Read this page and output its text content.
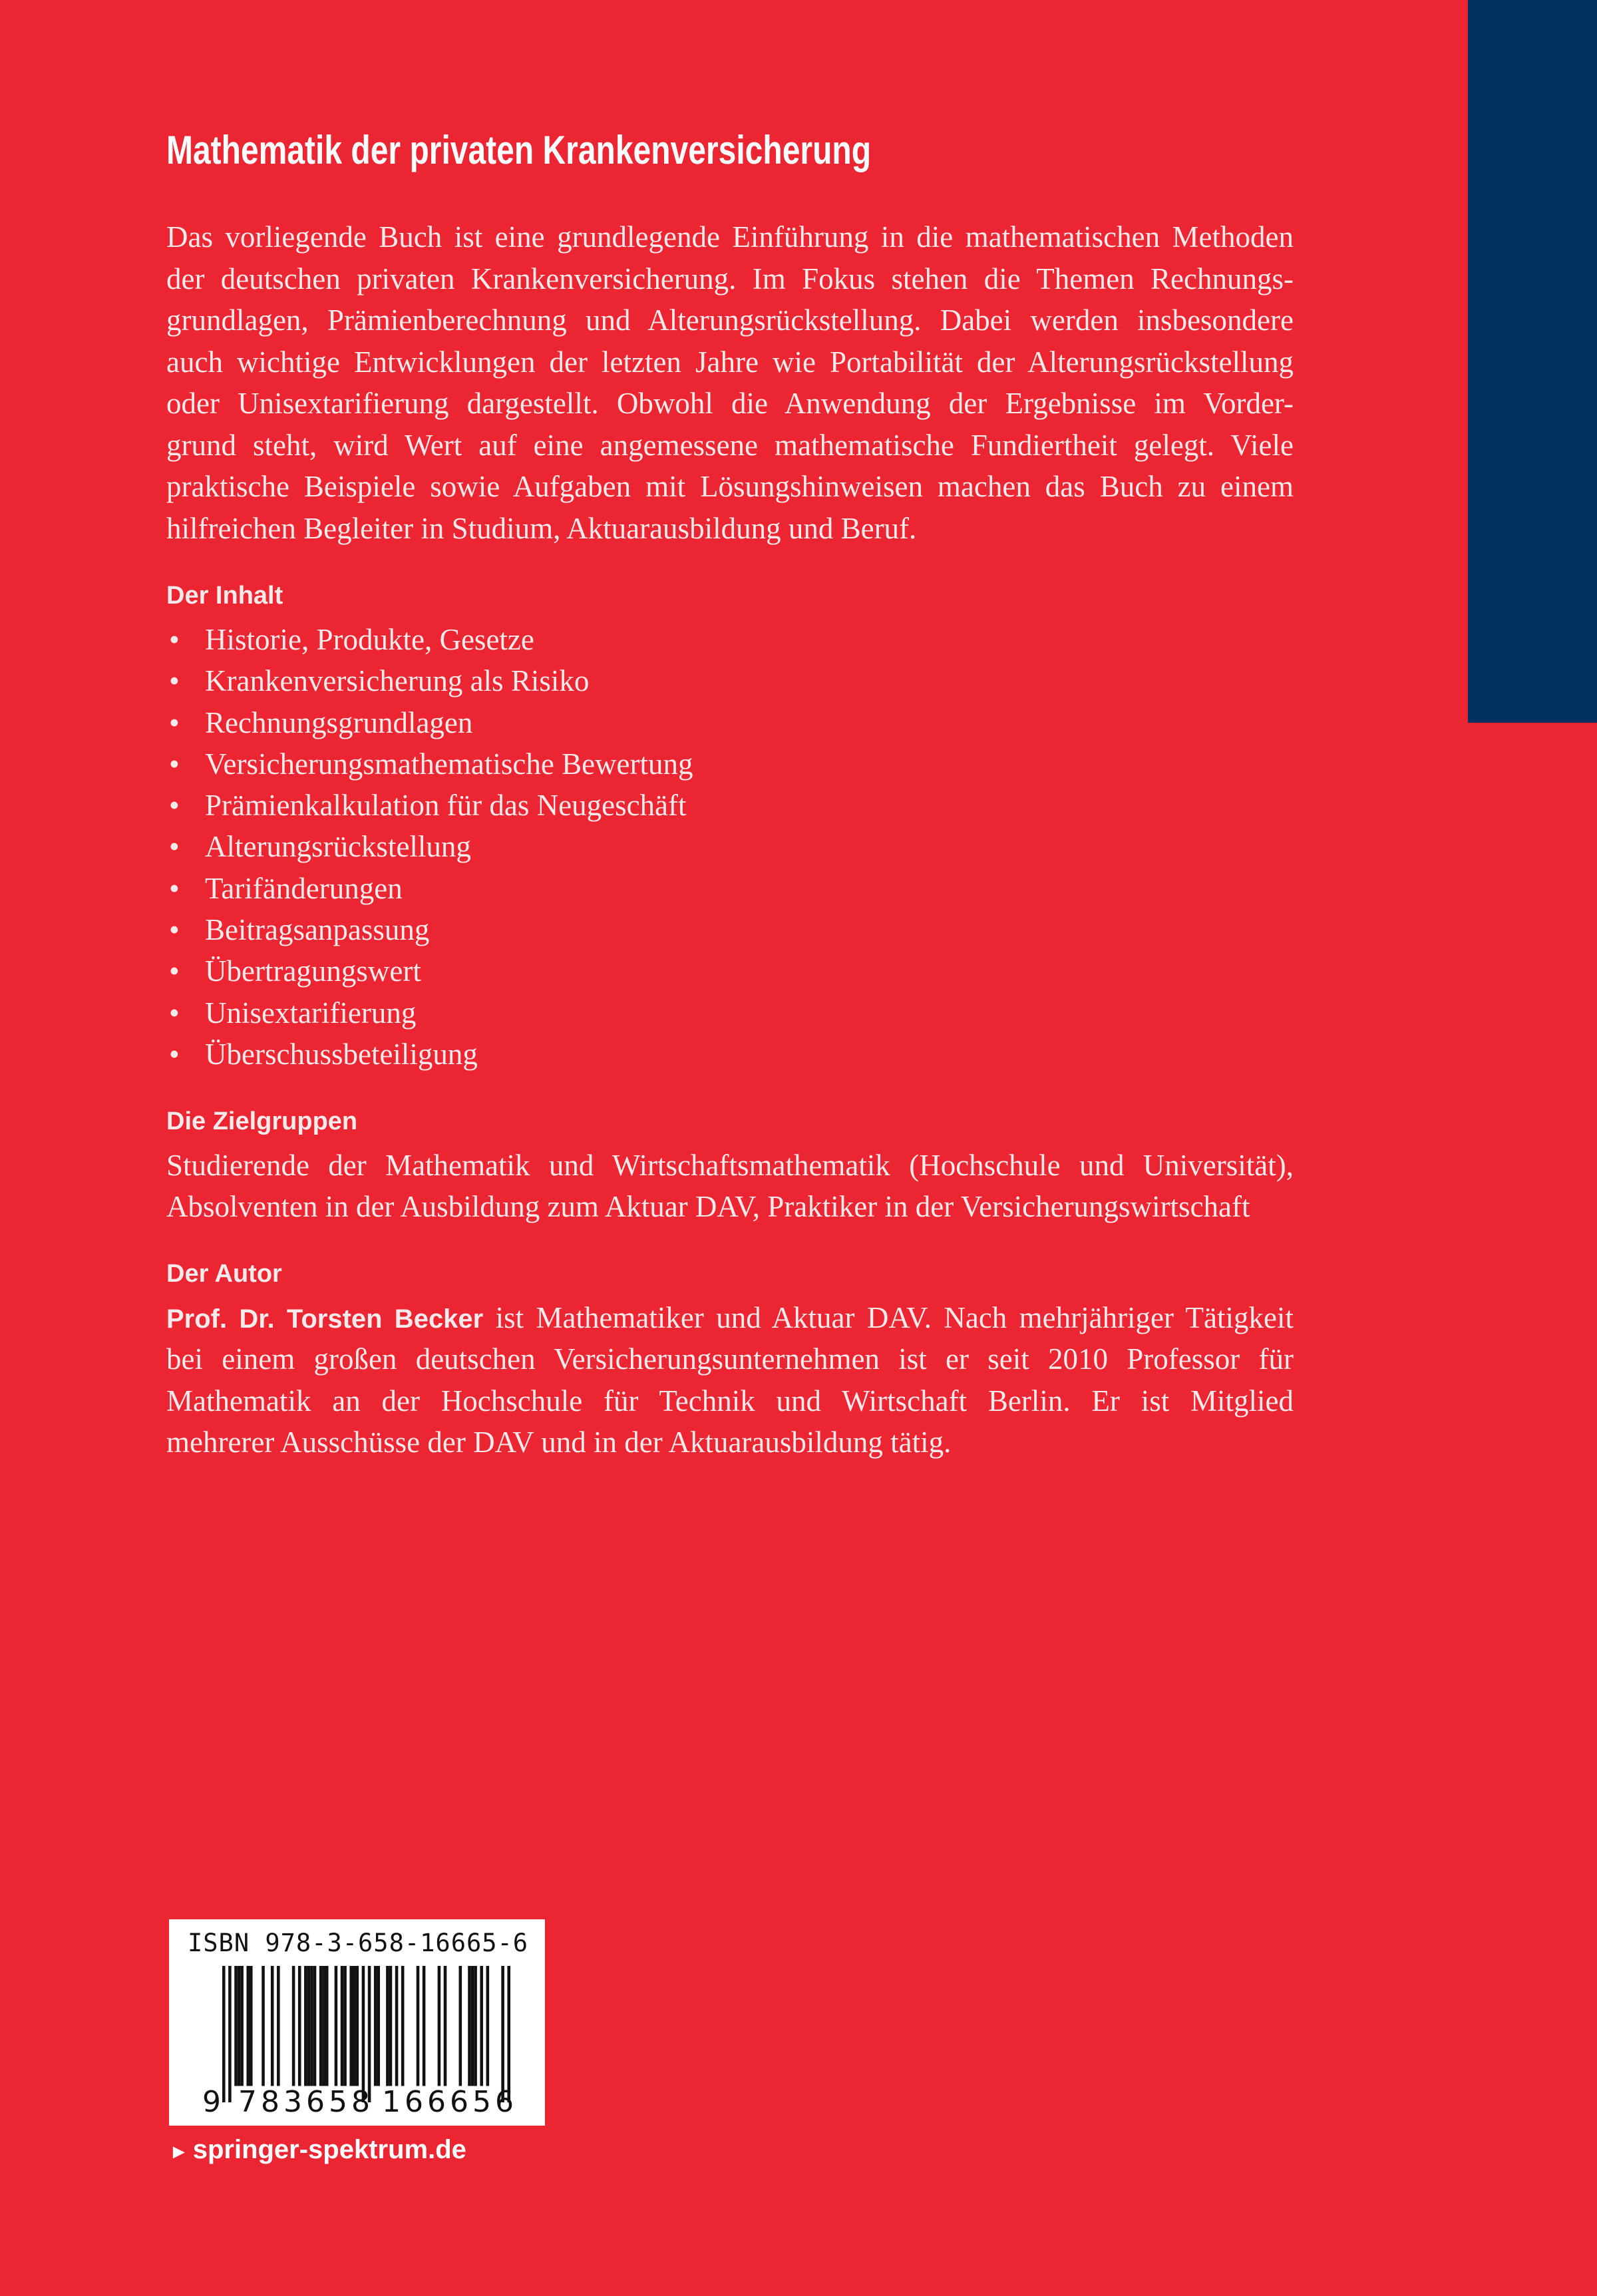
Mathematik der privaten Krankenversicherung
Das vorliegende Buch ist eine grundlegende Einführung in die mathematischen Methoden
der deutschen privaten Krankenversicherung. Im Fokus stehen die Themen Rechnungs-
grundlagen, Prämienberechnung und Alterungsrückstellung. Dabei werden insbesondere
auch wichtige Entwicklungen der letzten Jahre wie Portabilität der Alterungsrückstellung
oder Unisextarifierung dargestellt. Obwohl die Anwendung der Ergebnisse im Vorder-
grund steht, wird Wert auf eine angemessene mathematische Fundiertheit gelegt. Viele
praktische Beispiele sowie Aufgaben mit Lösungshinweisen machen das Buch zu einem
hilfreichen Begleiter in Studium, Aktuarausbildung und Beruf.
Der Inhalt
• Historie, Produkte, Gesetze
• Krankenversicherung als Risiko
• Rechnungsgrundlagen
• Versicherungsmathematische Bewertung
• Prämienkalkulation für das Neugeschäft
• Alterungsrückstellung
• Tarifänderungen
• Beitragsanpassung
• Übertragungswert
• Unisextarifierung
• Überschussbeteiligung
Die Zielgruppen
Studierende der Mathematik und Wirtschaftsmathematik (Hochschule und Universität),
Absolventen in der Ausbildung zum Aktuar DAV, Praktiker in der Versicherungswirtschaft
Der Autor
Prof. Dr. Torsten Becker ist Mathematiker und Aktuar DAV. Nach mehrjähriger Tätigkeit
bei einem großen deutschen Versicherungsunternehmen ist er seit 2010 Professor für
Mathematik an der Hochschule für Technik und Wirtschaft Berlin. Er ist Mitglied
mehrerer Ausschüsse der DAV und in der Aktuarausbildung tätig.
ISBN 978-3-658-16665-6
9 783658 166656
► springer-spektrum.de
